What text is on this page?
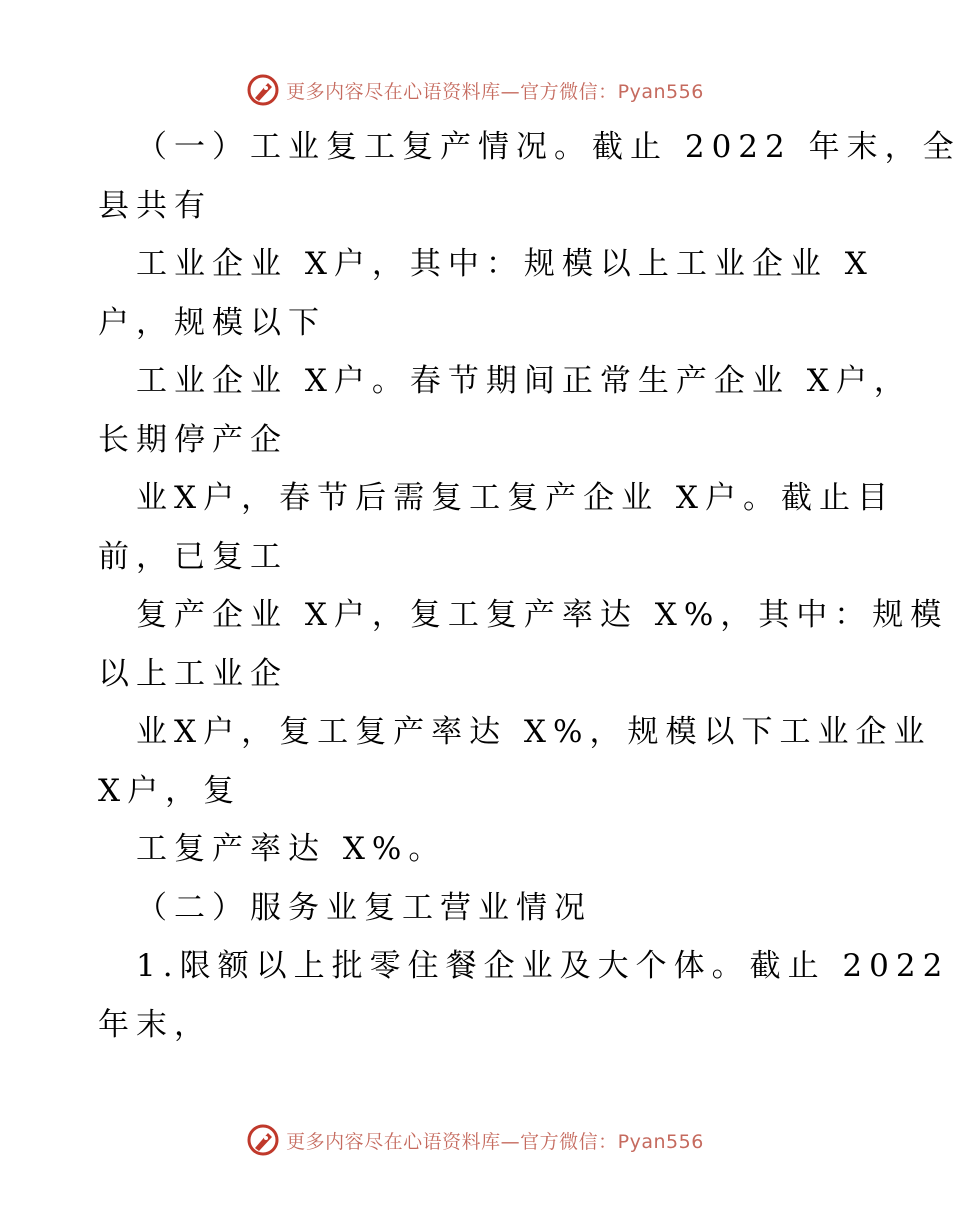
更多内容尽在心语资料库—官方微信：Pyan556
（一）工业复工复产情况。截止 2022 年末，全
县共有
工业企业 X户，其中：规模以上工业企业 X
户，规模以下
工业企业 X户。春节期间正常生产企业 X户，
长期停产企
业X户，春节后需复工复产企业 X户。截止目
前，已复工
复产企业 X户，复工复产率达 X%，其中：规模
以上工业企
业X户，复工复产率达 X%，规模以下工业企业
X户，复
工复产率达 X%。
（二）服务业复工营业情况
1.限额以上批零住餐企业及大个体。截止 2022
年末，
更多内容尽在心语资料库—官方微信：Pyan556
